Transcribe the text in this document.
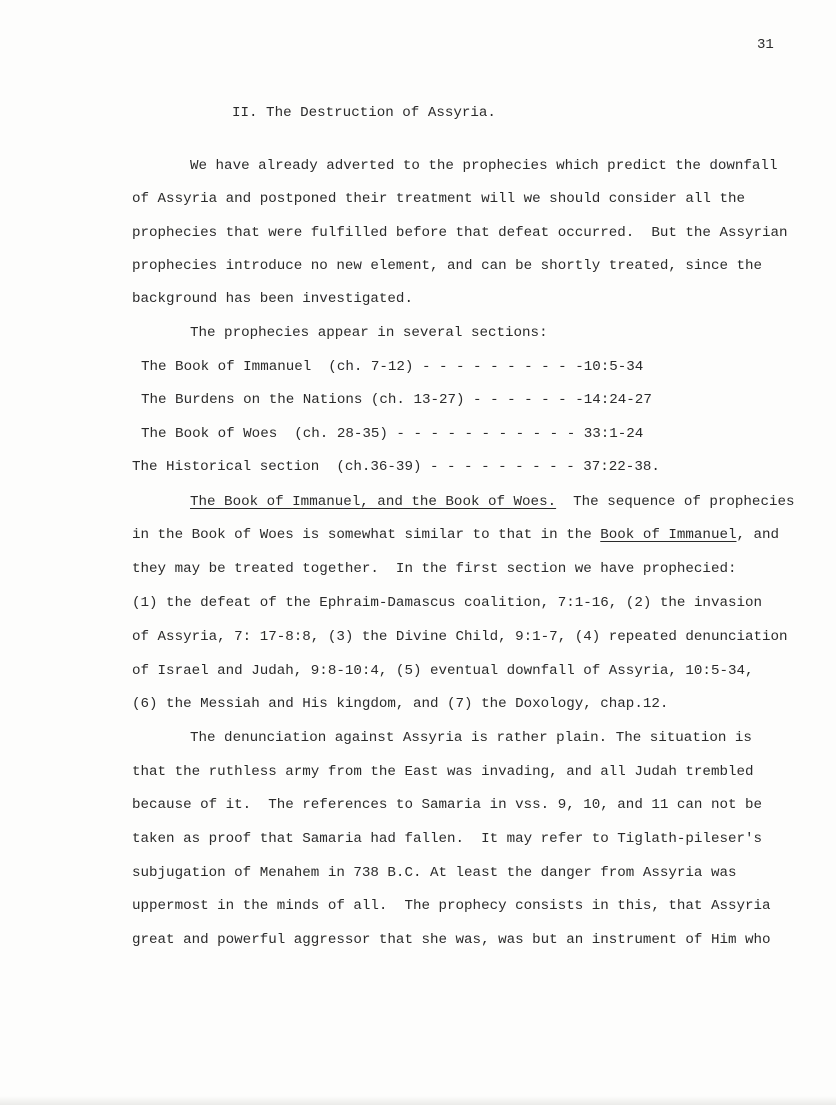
31
II. The Destruction of Assyria.
We have already adverted to the prophecies which predict the downfall
of Assyria and postponed their treatment will we should consider all the
prophecies that were fulfilled before that defeat occurred.  But the Assyrian
prophecies introduce no new element, and can be shortly treated, since the
background has been investigated.
The prophecies appear in several sections:
The Book of Immanuel  (ch. 7-12) - - - - - - - - - -10:5-34
The Burdens on the Nations (ch. 13-27) - - - - - - -14:24-27
The Book of Woes  (ch. 28-35) - - - - - - - - - - - 33:1-24
The Historical section  (ch.36-39) - - - - - - - - - 37:22-38.
The Book of Immanuel, and the Book of Woes.  The sequence of prophecies
in the Book of Woes is somewhat similar to that in the Book of Immanuel, and
they may be treated together.  In the first section we have prophecied:
(1) the defeat of the Ephraim-Damascus coalition, 7:1-16, (2) the invasion
of Assyria, 7: 17-8:8, (3) the Divine Child, 9:1-7, (4) repeated denunciation
of Israel and Judah, 9:8-10:4, (5) eventual downfall of Assyria, 10:5-34,
(6) the Messiah and His kingdom, and (7) the Doxology, chap.12.
The denunciation against Assyria is rather plain. The situation is
that the ruthless army from the East was invading, and all Judah trembled
because of it.  The references to Samaria in vss. 9, 10, and 11 can not be
taken as proof that Samaria had fallen.  It may refer to Tiglath-pileser's
subjugation of Menahem in 738 B.C. At least the danger from Assyria was
uppermost in the minds of all.  The prophecy consists in this, that Assyria
great and powerful aggressor that she was, was but an instrument of Him who
